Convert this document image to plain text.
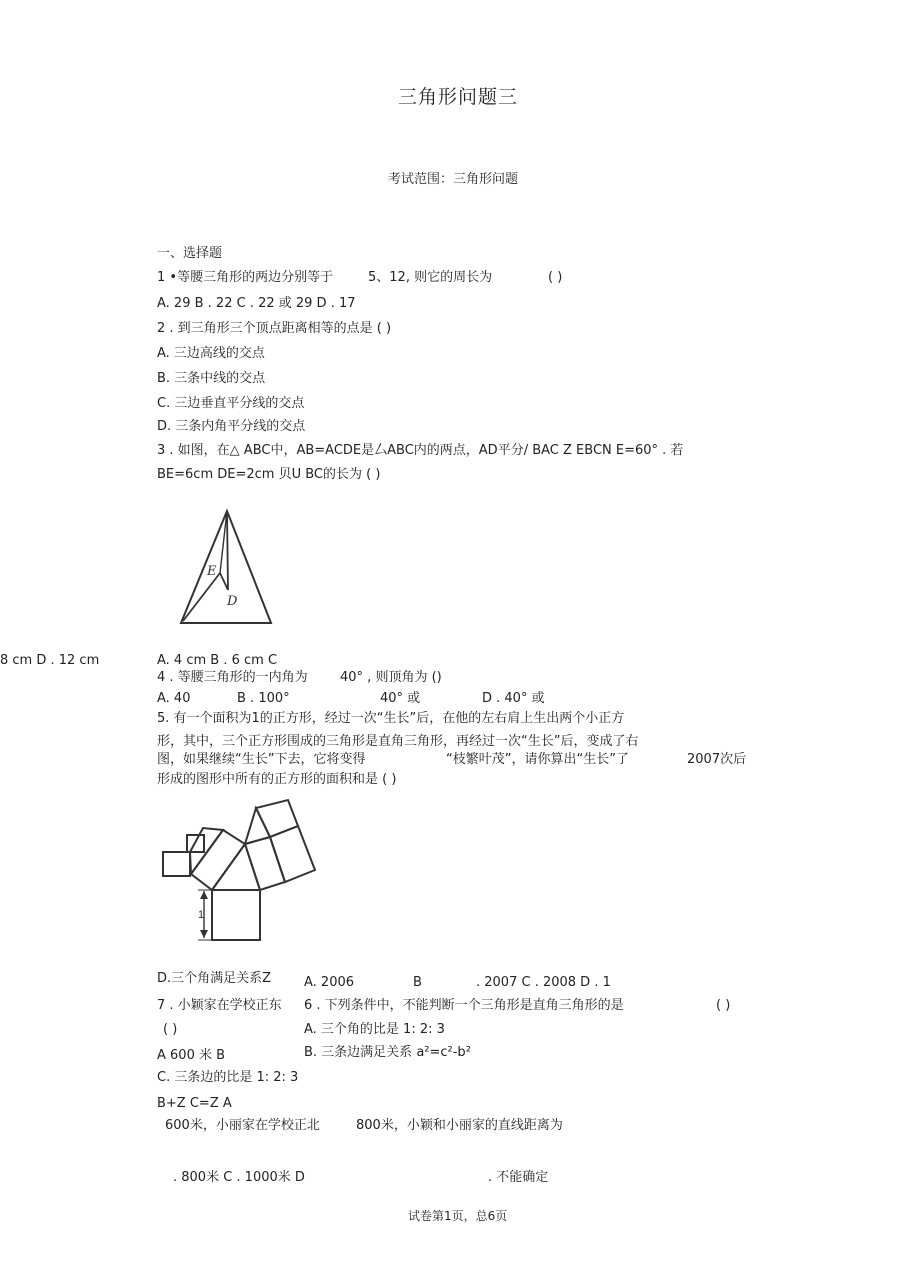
三角形问题三
考试范围：三角形问题
一、选择题
1 •等腰三角形的两边分别等于	5、12, 则它的周长为	( )
A. 29 B . 22 C . 22 或 29 D . 17
2 . 到三角形三个顶点距离相等的点是 ( )
A. 三边高线的交点
B. 三条中线的交点
C. 三边垂直平分线的交点
D. 三条内角平分线的交点
3 . 如图，在△ ABC中，AB=ACDE是厶ABC内的两点，AD平分/ BAC Z EBCN E=60° . 若
BE=6cm DE=2cm 贝U BC的长为 ( )
E
D
8 cm D . 12 cm	A. 4 cm B . 6 cm C
4 . 等腰三角形的一内角为 40° , 则顶角为 ()
A. 40	B . 100°	40° 或	D . 40° 或
5. 有一个面积为1的正方形，经过一次“生长”后，在他的左右肩上生出两个小正方
形，其中，三个正方形围成的三角形是直角三角形，再经过一次“生长”后，变成了右
图，如果继续“生长”下去，它将变得	“枝繁叶茂”，请你算出“生长”了	2007次后
形成的图形中所有的正方形的面积和是 ( )
1
D.三个角满足关系Z	A. 2006	B	. 2007 C . 2008 D . 1
7 . 小颖家在学校正东 6 . 下列条件中，不能判断一个三角形是直角三角形的是	( )
( )	A. 三个角的比是 1: 2: 3
A 600 米 B	B. 三条边满足关系 a²=c²-b²
C. 三条边的比是 1: 2: 3
B+Z C=Z A
600米，小丽家在学校正北	800米，小颖和小丽家的直线距离为
. 800米 C . 1000米 D	. 不能确定
试卷第1页，总6页
